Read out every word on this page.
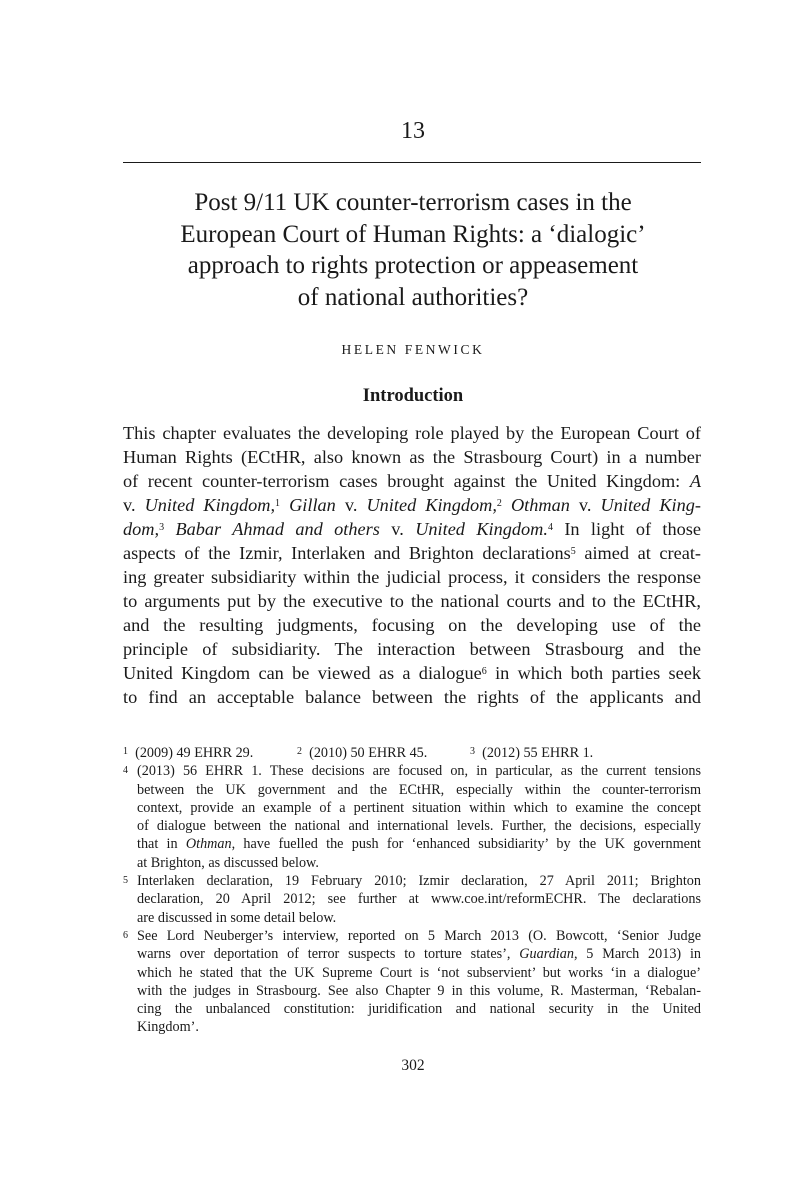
13
Post 9/11 UK counter-terrorism cases in the
European Court of Human Rights: a ‘dialogic’
approach to rights protection or appeasement
of national authorities?
HELEN FENWICK
Introduction
This chapter evaluates the developing role played by the European Court of
Human Rights (ECtHR, also known as the Strasbourg Court) in a number
of recent counter-terrorism cases brought against the United Kingdom: A
v. United Kingdom,$^1$ Gillan v. United Kingdom,$^2$ Othman v. United King-
dom,$^3$ Babar Ahmad and others v. United Kingdom.$^4$ In light of those
aspects of the Izmir, Interlaken and Brighton declarations$^5$ aimed at creat-
ing greater subsidiarity within the judicial process, it considers the response
to arguments put by the executive to the national courts and to the ECtHR,
and the resulting judgments, focusing on the developing use of the
principle of subsidiarity. The interaction between Strasbourg and the
United Kingdom can be viewed as a dialogue$^6$ in which both parties seek
to find an acceptable balance between the rights of the applicants and
$^1$ (2009) 49 EHRR 29.	$^2$ (2010) 50 EHRR 45.	$^3$ (2012) 55 EHRR 1.
4 (2013) 56 EHRR 1. These decisions are focused on, in particular, as the current tensions
between the UK government and the ECtHR, especially within the counter-terrorism
context, provide an example of a pertinent situation within which to examine the concept
of dialogue between the national and international levels. Further, the decisions, especially
that in Othman, have fuelled the push for ‘enhanced subsidiarity’ by the UK government
at Brighton, as discussed below.
5 Interlaken declaration, 19 February 2010; Izmir declaration, 27 April 2011; Brighton
declaration, 20 April 2012; see further at www.coe.int/reformECHR. The declarations
are discussed in some detail below.
6 See Lord Neuberger’s interview, reported on 5 March 2013 (O. Bowcott, ‘Senior Judge
warns over deportation of terror suspects to torture states’, Guardian, 5 March 2013) in
which he stated that the UK Supreme Court is ‘not subservient’ but works ‘in a dialogue’
with the judges in Strasbourg. See also Chapter 9 in this volume, R. Masterman, ‘Rebalan-
cing the unbalanced constitution: juridification and national security in the United
Kingdom’.
302
